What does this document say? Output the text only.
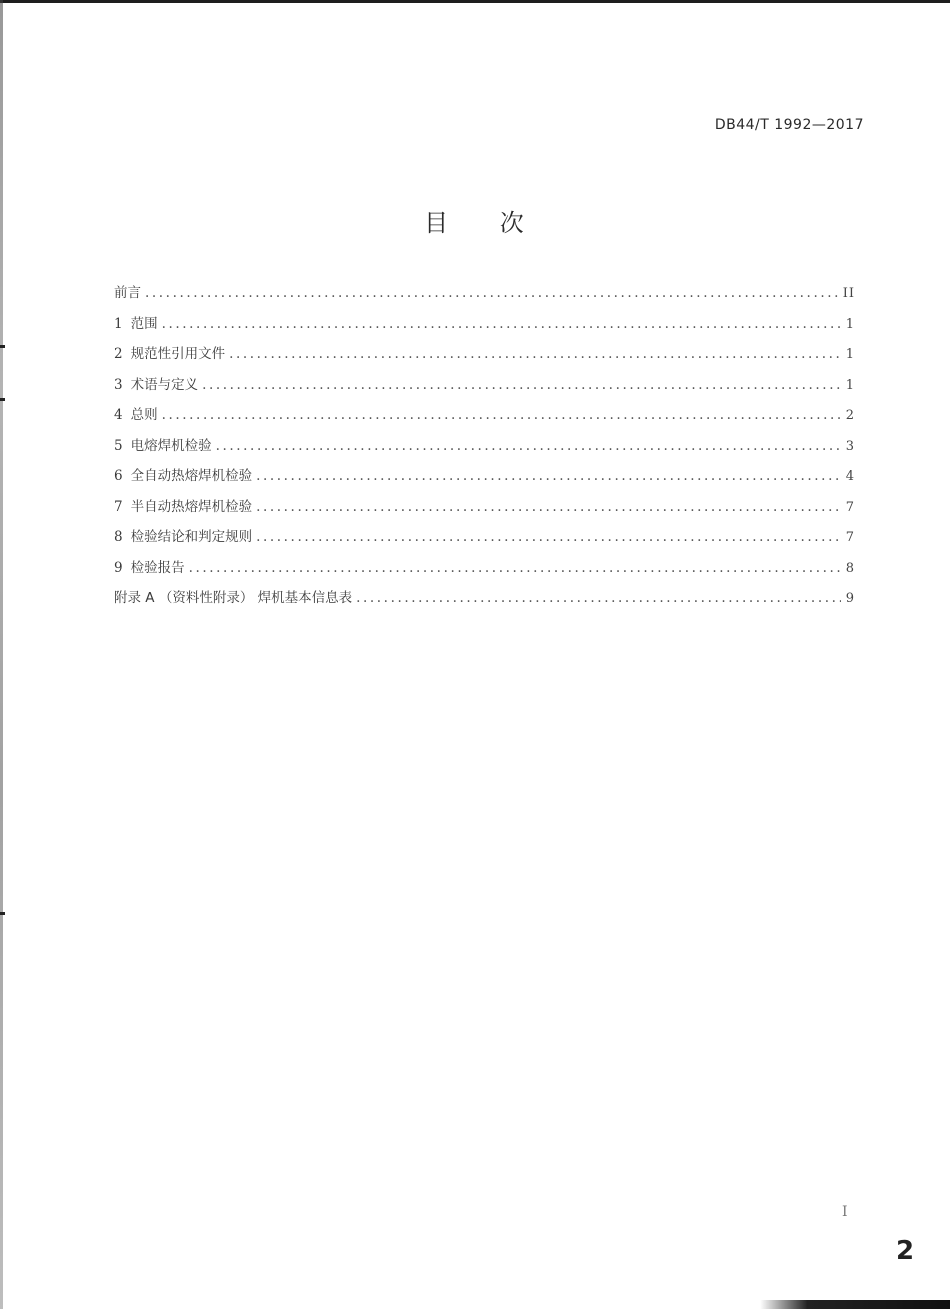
DB44/T 1992—2017
目 次
前言 .....	II
1 范围 .....	1
2 规范性引用文件 .....	1
3 术语与定义 .....	1
4 总则 .....	2
5 电熔焊机检验 .....	3
6 全自动热熔焊机检验 .....	4
7 半自动热熔焊机检验 .....	7
8 检验结论和判定规则 .....	7
9 检验报告 .....	8
附录 A （资料性附录） 焊机基本信息表 .....	9
I
2
